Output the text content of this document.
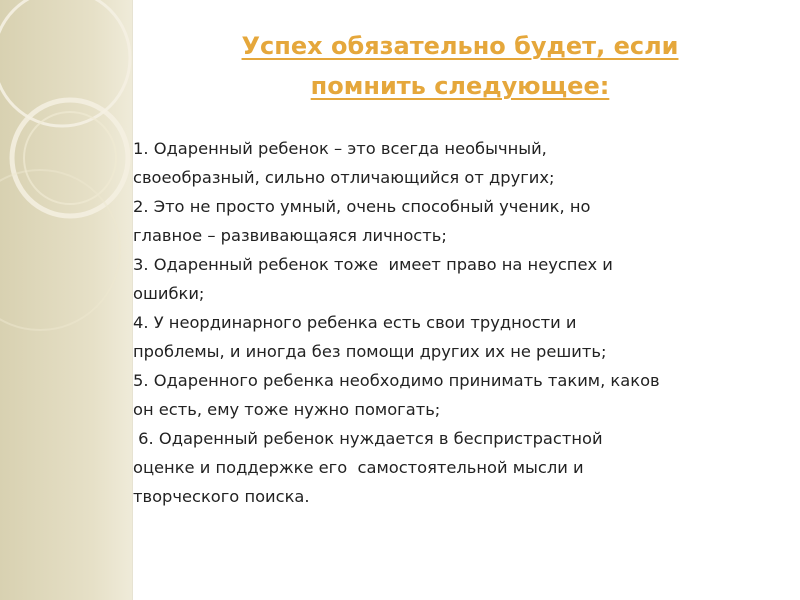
Успех обязательно будет, если
помнить следующее:
1. Одаренный ребенок – это всегда необычный,
своеобразный, сильно отличающийся от других;
2. Это не просто умный, очень способный ученик, но
главное – развивающаяся личность;
3. Одаренный ребенок тоже  имеет право на неуспех и
ошибки;
4. У неординарного ребенка есть свои трудности и
проблемы, и иногда без помощи других их не решить;
5. Одаренного ребенка необходимо принимать таким, каков
он есть, ему тоже нужно помогать;
6. Одаренный ребенок нуждается в беспристрастной
оценке и поддержке его  самостоятельной мысли и
творческого поиска.
